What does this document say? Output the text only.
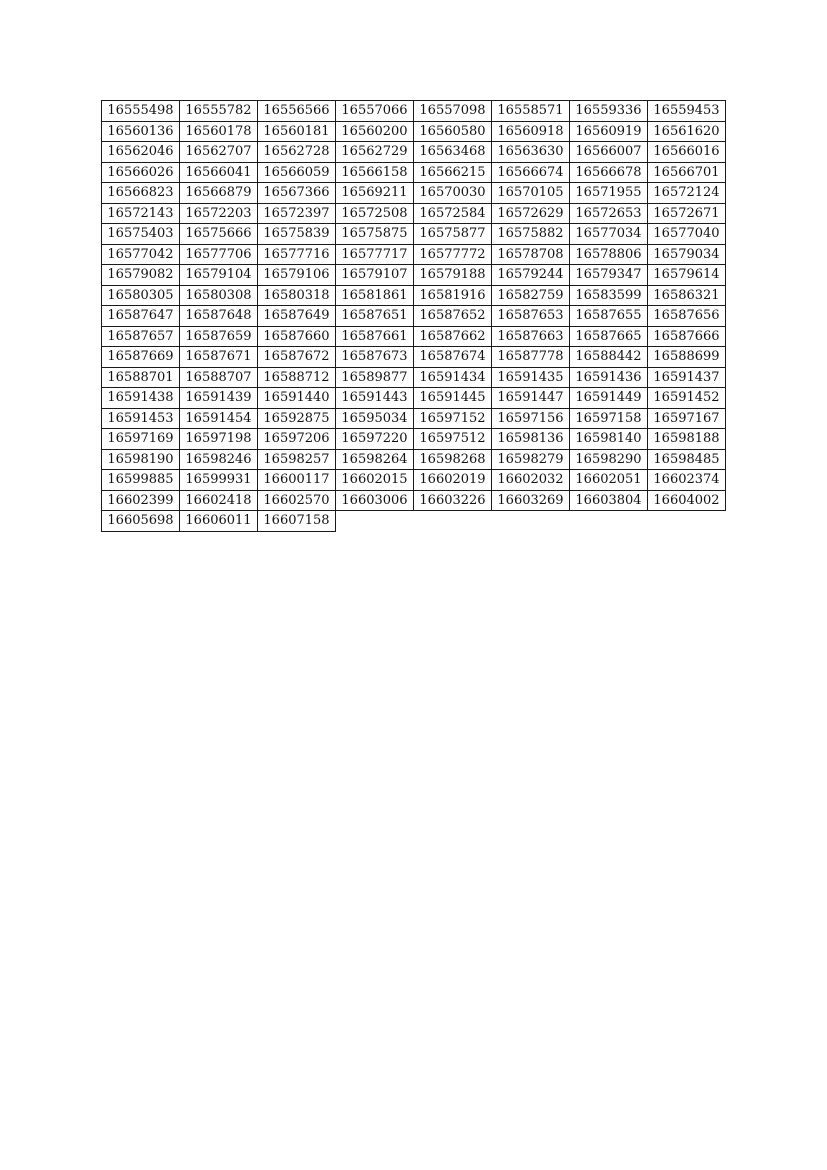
16555498	16555782	16556566	16557066	16557098	16558571	16559336	16559453
16560136	16560178	16560181	16560200	16560580	16560918	16560919	16561620
16562046	16562707	16562728	16562729	16563468	16563630	16566007	16566016
16566026	16566041	16566059	16566158	16566215	16566674	16566678	16566701
16566823	16566879	16567366	16569211	16570030	16570105	16571955	16572124
16572143	16572203	16572397	16572508	16572584	16572629	16572653	16572671
16575403	16575666	16575839	16575875	16575877	16575882	16577034	16577040
16577042	16577706	16577716	16577717	16577772	16578708	16578806	16579034
16579082	16579104	16579106	16579107	16579188	16579244	16579347	16579614
16580305	16580308	16580318	16581861	16581916	16582759	16583599	16586321
16587647	16587648	16587649	16587651	16587652	16587653	16587655	16587656
16587657	16587659	16587660	16587661	16587662	16587663	16587665	16587666
16587669	16587671	16587672	16587673	16587674	16587778	16588442	16588699
16588701	16588707	16588712	16589877	16591434	16591435	16591436	16591437
16591438	16591439	16591440	16591443	16591445	16591447	16591449	16591452
16591453	16591454	16592875	16595034	16597152	16597156	16597158	16597167
16597169	16597198	16597206	16597220	16597512	16598136	16598140	16598188
16598190	16598246	16598257	16598264	16598268	16598279	16598290	16598485
16599885	16599931	16600117	16602015	16602019	16602032	16602051	16602374
16602399	16602418	16602570	16603006	16603226	16603269	16603804	16604002
16605698	16606011	16607158					
